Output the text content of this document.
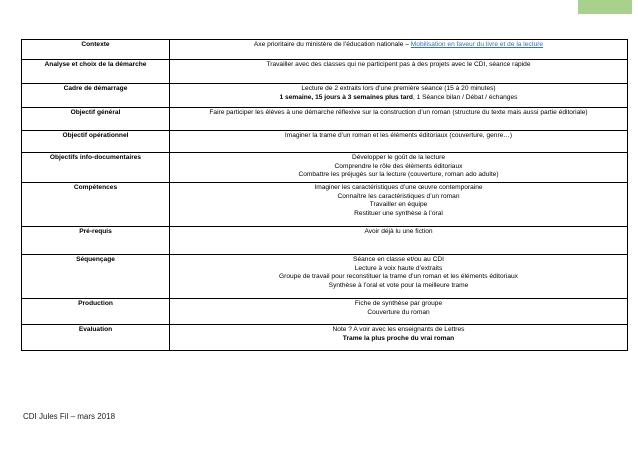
Contexte	Axe prioritaire du ministère de l’éducation nationale – Mobilisation en faveur du livre et de la lecture
Analyse et choix de la démarche	Travailler avec des classes qui ne participent pas à des projets avec le CDI, séance rapide
Cadre de démarrage	Lecture de 2 extraits lors d’une première séance (15 à 20 minutes)
1 semaine, 15 jours à 3 semaines plus tard, 1 Séance bilan / Débat / échanges

Objectif général	Faire participer les élèves à une démarche réflexive sur la construction d’un roman (structure du texte mais aussi partie éditoriale)
Objectif opérationnel	Imaginer la trame d’un roman et les éléments éditoriaux (couverture, genre…)
Objectifs info-documentaires	Développer le goût de la lecture
Comprendre le rôle des éléments éditoriaux
Combattre les préjugés sur la lecture (couverture, roman ado adulte)

Compétences	Imaginer les caractéristiques d’une œuvre contemporaine
Connaître les caractéristiques d’un roman
Travailler en équipe
Restituer une synthèse à l’oral

Pré-requis	Avoir déjà lu une fiction
Séquençage	Séance en classe et/ou au CDI
Lecture à voix haute d’extraits
Groupe de travail pour reconstituer la trame d’un roman et les éléments éditoriaux
Synthèse à l’oral et vote pour la meilleure trame

Production	Fiche de synthèse par groupe
Couverture du roman

Evaluation	Note ? A voir avec les enseignants de Lettres
Trame la plus proche du vrai roman
CDI Jules Fil – mars 2018
